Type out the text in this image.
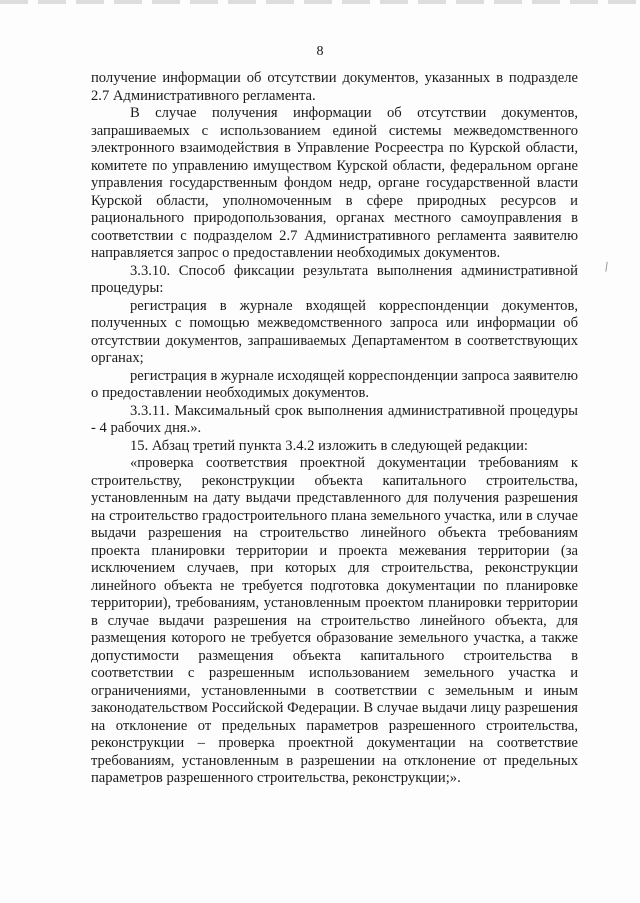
8

получение информации об отсутствии документов, указанных в подразделе 2.7 Административного регламента.

В случае получения информации об отсутствии документов, запрашиваемых с использованием единой системы межведомственного электронного взаимодействия в Управление Росреестра по Курской области, комитете по управлению имуществом Курской области, федеральном органе управления государственным фондом недр, органе государственной власти Курской области, уполномоченным в сфере природных ресурсов и рационального природопользования, органах местного самоуправления в соответствии с подразделом 2.7 Административного регламента заявителю направляется запрос о предоставлении необходимых документов.

3.3.10. Способ фиксации результата выполнения административной процедуры:

регистрация в журнале входящей корреспонденции документов, полученных с помощью межведомственного запроса или информации об отсутствии документов, запрашиваемых Департаментом в соответствующих органах;

регистрация в журнале исходящей корреспонденции запроса заявителю о предоставлении необходимых документов.

3.3.11. Максимальный срок выполнения административной процедуры - 4 рабочих дня.».

15. Абзац третий пункта 3.4.2 изложить в следующей редакции:

«проверка соответствия проектной документации требованиям к строительству, реконструкции объекта капитального строительства, установленным на дату выдачи представленного для получения разрешения на строительство градостроительного плана земельного участка, или в случае выдачи разрешения на строительство линейного объекта требованиям проекта планировки территории и проекта межевания территории (за исключением случаев, при которых для строительства, реконструкции линейного объекта не требуется подготовка документации по планировке территории), требованиям, установленным проектом планировки территории в случае выдачи разрешения на строительство линейного объекта, для размещения которого не требуется образование земельного участка, а также допустимости размещения объекта капитального строительства в соответствии с разрешенным использованием земельного участка и ограничениями, установленными в соответствии с земельным и иным законодательством Российской Федерации. В случае выдачи лицу разрешения на отклонение от предельных параметров разрешенного строительства, реконструкции – проверка проектной документации на соответствие требованиям, установленным в разрешении на отклонение от предельных параметров разрешенного строительства, реконструкции;».
